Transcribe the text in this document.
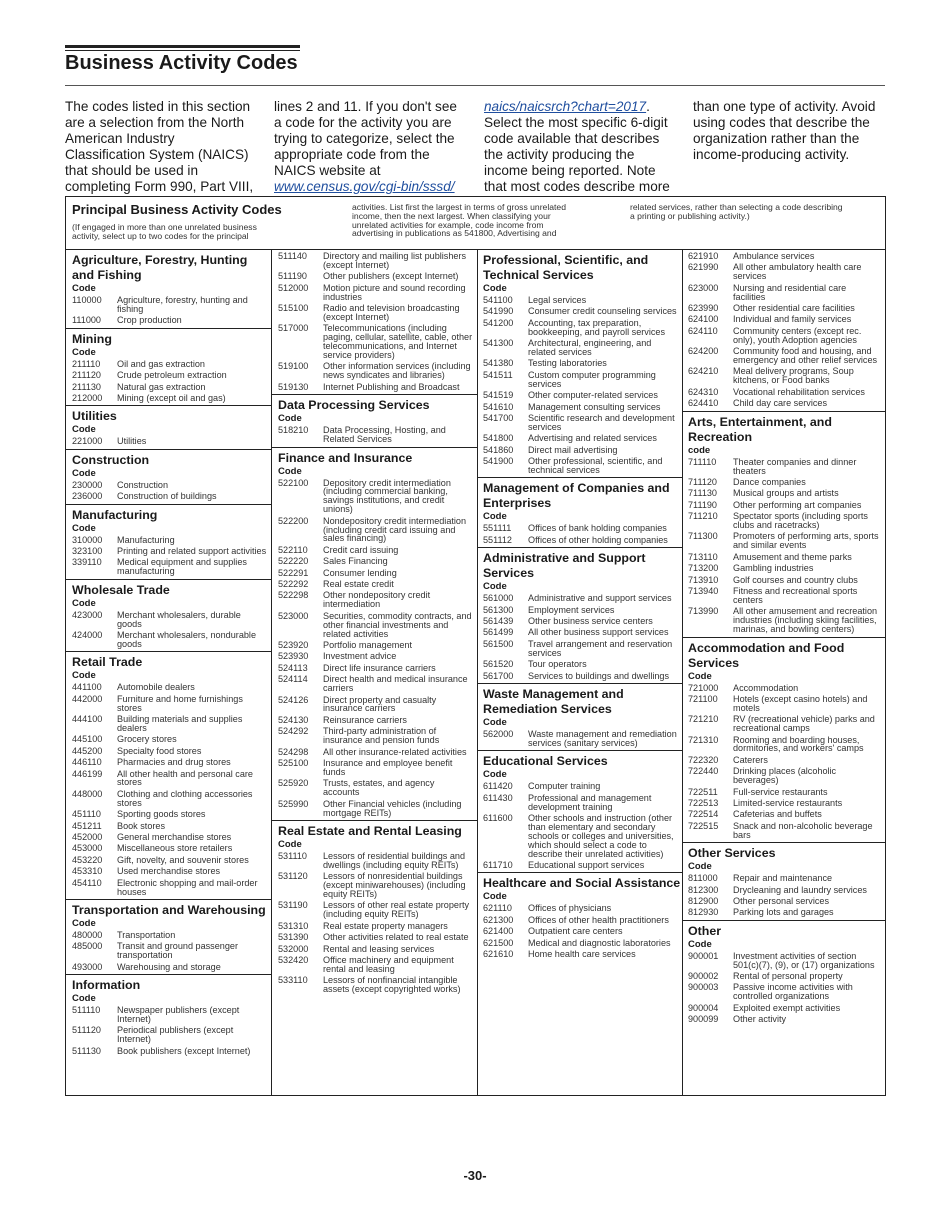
Business Activity Codes
The codes listed in this section
are a selection from the North
American Industry
Classification System (NAICS)
that should be used in
completing Form 990, Part VIII,
lines 2 and 11. If you don't see
a code for the activity you are
trying to categorize, select the
appropriate code from the
NAICS website at
www.census.gov/cgi-bin/sssd/
naics/naicsrch?chart=2017.
Select the most specific 6-digit
code available that describes
the activity producing the
income being reported. Note
that most codes describe more
than one type of activity. Avoid
using codes that describe the
organization rather than the
income-producing activity.
Principal Business Activity Codes
(If engaged in more than one unrelated business
activity, select up to two codes for the principal
activities. List first the largest in terms of gross unrelated
income, then the next largest. When classifying your
unrelated activities for example, code income from
advertising in publications as 541800, Advertising and
related services, rather than selecting a code describing
a printing or publishing activity.)
Agriculture, Forestry, Hunting and Fishing
Code
110000	Agriculture, forestry, hunting and fishing
111000	Crop production
Mining
Code
211110	Oil and gas extraction
211120	Crude petroleum extraction
211130	Natural gas extraction
212000	Mining (except oil and gas)
Utilities
Code
221000	Utilities
Construction
Code
230000	Construction
236000	Construction of buildings
Manufacturing
Code
310000	Manufacturing
323100	Printing and related support activities
339110	Medical equipment and supplies manufacturing
Wholesale Trade
Code
423000	Merchant wholesalers, durable goods
424000	Merchant wholesalers, nondurable goods
Retail Trade
Code
441100	Automobile dealers
442000	Furniture and home furnishings stores
444100	Building materials and supplies dealers
445100	Grocery stores
445200	Specialty food stores
446110	Pharmacies and drug stores
446199	All other health and personal care stores
448000	Clothing and clothing accessories stores
451110	Sporting goods stores
451211	Book stores
452000	General merchandise stores
453000	Miscellaneous store retailers
453220	Gift, novelty, and souvenir stores
453310	Used merchandise stores
454110	Electronic shopping and mail-order houses
Transportation and Warehousing
Code
480000	Transportation
485000	Transit and ground passenger transportation
493000	Warehousing and storage
Information
Code
511110	Newspaper publishers (except Internet)
511120	Periodical publishers (except Internet)
511130	Book publishers (except Internet)
511140	Directory and mailing list publishers (except Internet)
511190	Other publishers (except Internet)
512000	Motion picture and sound recording industries
515100	Radio and television broadcasting (except Internet)
517000	Telecommunications (including paging, cellular, satellite, cable, other telecommunications, and Internet service providers)
519100	Other information services (including news syndicates and libraries)
519130	Internet Publishing and Broadcast
Data Processing Services
Code
518210	Data Processing, Hosting, and Related Services
Finance and Insurance
Code
522100	Depository credit intermediation (including commercial banking, savings institutions, and credit unions)
522200	Nondepository credit intermediation (including credit card issuing and sales financing)
522110	Credit card issuing
522220	Sales Financing
522291	Consumer lending
522292	Real estate credit
522298	Other nondepository credit intermediation
523000	Securities, commodity contracts, and other financial investments and related activities
523920	Portfolio management
523930	Investment advice
524113	Direct life insurance carriers
524114	Direct health and medical insurance carriers
524126	Direct property and casualty insurance carriers
524130	Reinsurance carriers
524292	Third-party administration of insurance and pension funds
524298	All other insurance-related activities
525100	Insurance and employee benefit funds
525920	Trusts, estates, and agency accounts
525990	Other Financial vehicles (including mortgage REITs)
Real Estate and Rental Leasing
Code
531110	Lessors of residential buildings and dwellings (including equity REITs)
531120	Lessors of nonresidential buildings (except miniwarehouses) (including equity REITs)
531190	Lessors of other real estate property (including equity REITs)
531310	Real estate property managers
531390	Other activities related to real estate
532000	Rental and leasing services
532420	Office machinery and equipment rental and leasing
533110	Lessors of nonfinancial intangible assets (except copyrighted works)
Professional, Scientific, and Technical Services
Code
541100	Legal services
541990	Consumer credit counseling services
541200	Accounting, tax preparation, bookkeeping, and payroll services
541300	Architectural, engineering, and related services
541380	Testing laboratories
541511	Custom computer programming services
541519	Other computer-related services
541610	Management consulting services
541700	Scientific research and development services
541800	Advertising and related services
541860	Direct mail advertising
541900	Other professional, scientific, and technical services
Management of Companies and Enterprises
Code
551111	Offices of bank holding companies
551112	Offices of other holding companies
Administrative and Support Services
Code
561000	Administrative and support services
561300	Employment services
561439	Other business service centers
561499	All other business support services
561500	Travel arrangement and reservation services
561520	Tour operators
561700	Services to buildings and dwellings
Waste Management and Remediation Services
Code
562000	Waste management and remediation services (sanitary services)
Educational Services
Code
611420	Computer training
611430	Professional and management development training
611600	Other schools and instruction (other than elementary and secondary schools or colleges and universities, which should select a code to describe their unrelated activities)
611710	Educational support services
Healthcare and Social Assistance
Code
621110	Offices of physicians
621300	Offices of other health practitioners
621400	Outpatient care centers
621500	Medical and diagnostic laboratories
621610	Home health care services
621910	Ambulance services
621990	All other ambulatory health care services
623000	Nursing and residential care facilities
623990	Other residential care facilities
624100	Individual and family services
624110	Community centers (except rec. only), youth Adoption agencies
624200	Community food and housing, and emergency and other relief services
624210	Meal delivery programs, Soup kitchens, or Food banks
624310	Vocational rehabilitation services
624410	Child day care services
Arts, Entertainment, and Recreation
code
711110	Theater companies and dinner theaters
711120	Dance companies
711130	Musical groups and artists
711190	Other performing art companies
711210	Spectator sports (including sports clubs and racetracks)
711300	Promoters of performing arts, sports and similar events
713110	Amusement and theme parks
713200	Gambling industries
713910	Golf courses and country clubs
713940	Fitness and recreational sports centers
713990	All other amusement and recreation industries (including skiing facilities, marinas, and bowling centers)
Accommodation and Food Services
Code
721000	Accommodation
721100	Hotels (except casino hotels) and motels
721210	RV (recreational vehicle) parks and recreational camps
721310	Rooming and boarding houses, dormitories, and workers' camps
722320	Caterers
722440	Drinking places (alcoholic beverages)
722511	Full-service restaurants
722513	Limited-service restaurants
722514	Cafeterias and buffets
722515	Snack and non-alcoholic beverage bars
Other Services
Code
811000	Repair and maintenance
812300	Drycleaning and laundry services
812900	Other personal services
812930	Parking lots and garages
Other
Code
900001	Investment activities of section 501(c)(7), (9), or (17) organizations
900002	Rental of personal property
900003	Passive income activities with controlled organizations
900004	Exploited exempt activities
900099	Other activity
-30-
